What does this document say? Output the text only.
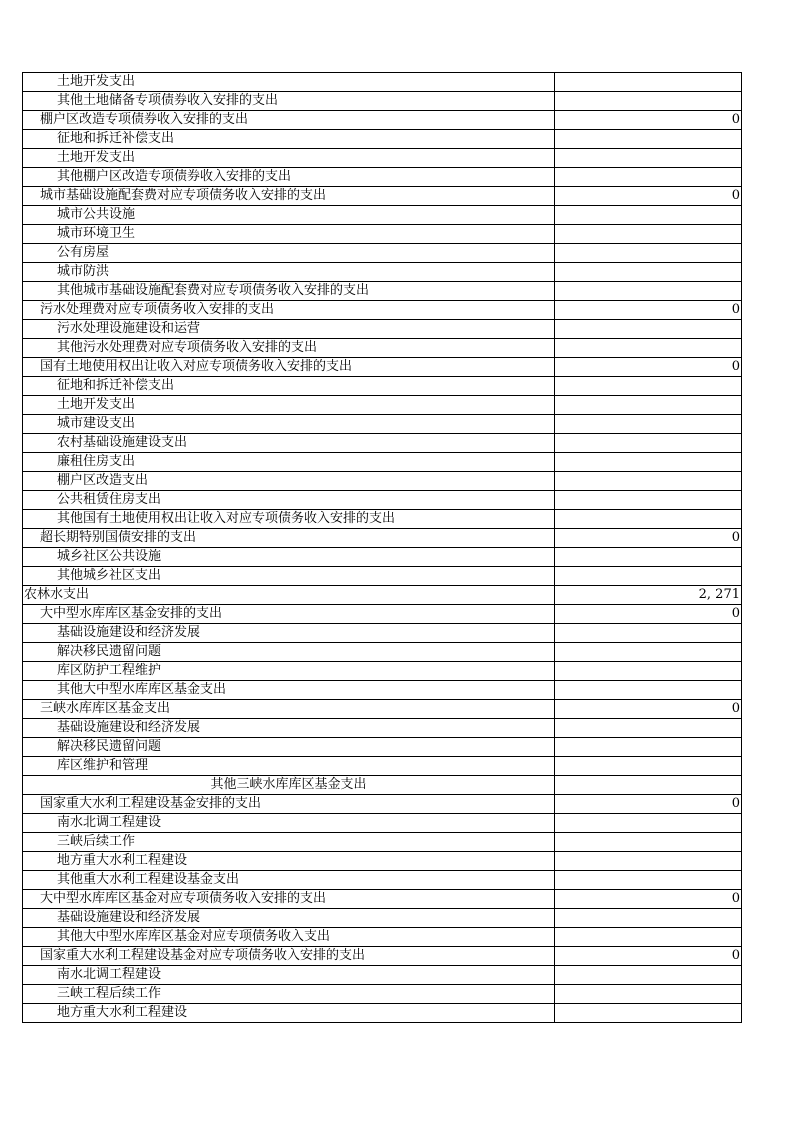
土地开发支出	
其他土地储备专项债券收入安排的支出	
棚户区改造专项债券收入安排的支出	0
征地和拆迁补偿支出	
土地开发支出	
其他棚户区改造专项债券收入安排的支出	
城市基础设施配套费对应专项债务收入安排的支出	0
城市公共设施	
城市环境卫生	
公有房屋	
城市防洪	
其他城市基础设施配套费对应专项债务收入安排的支出	
污水处理费对应专项债务收入安排的支出	0
污水处理设施建设和运营	
其他污水处理费对应专项债务收入安排的支出	
国有土地使用权出让收入对应专项债务收入安排的支出	0
征地和拆迁补偿支出	
土地开发支出	
城市建设支出	
农村基础设施建设支出	
廉租住房支出	
棚户区改造支出	
公共租赁住房支出	
其他国有土地使用权出让收入对应专项债务收入安排的支出	
超长期特别国债安排的支出	0
城乡社区公共设施	
其他城乡社区支出	
农林水支出	2, 271
大中型水库库区基金安排的支出	0
基础设施建设和经济发展	
解决移民遗留问题	
库区防护工程维护	
其他大中型水库库区基金支出	
三峡水库库区基金支出	0
基础设施建设和经济发展	
解决移民遗留问题	
库区维护和管理	
其他三峡水库库区基金支出	
国家重大水利工程建设基金安排的支出	0
南水北调工程建设	
三峡后续工作	
地方重大水利工程建设	
其他重大水利工程建设基金支出	
大中型水库库区基金对应专项债务收入安排的支出	0
基础设施建设和经济发展	
其他大中型水库库区基金对应专项债务收入支出	
国家重大水利工程建设基金对应专项债务收入安排的支出	0
南水北调工程建设	
三峡工程后续工作	
地方重大水利工程建设	
